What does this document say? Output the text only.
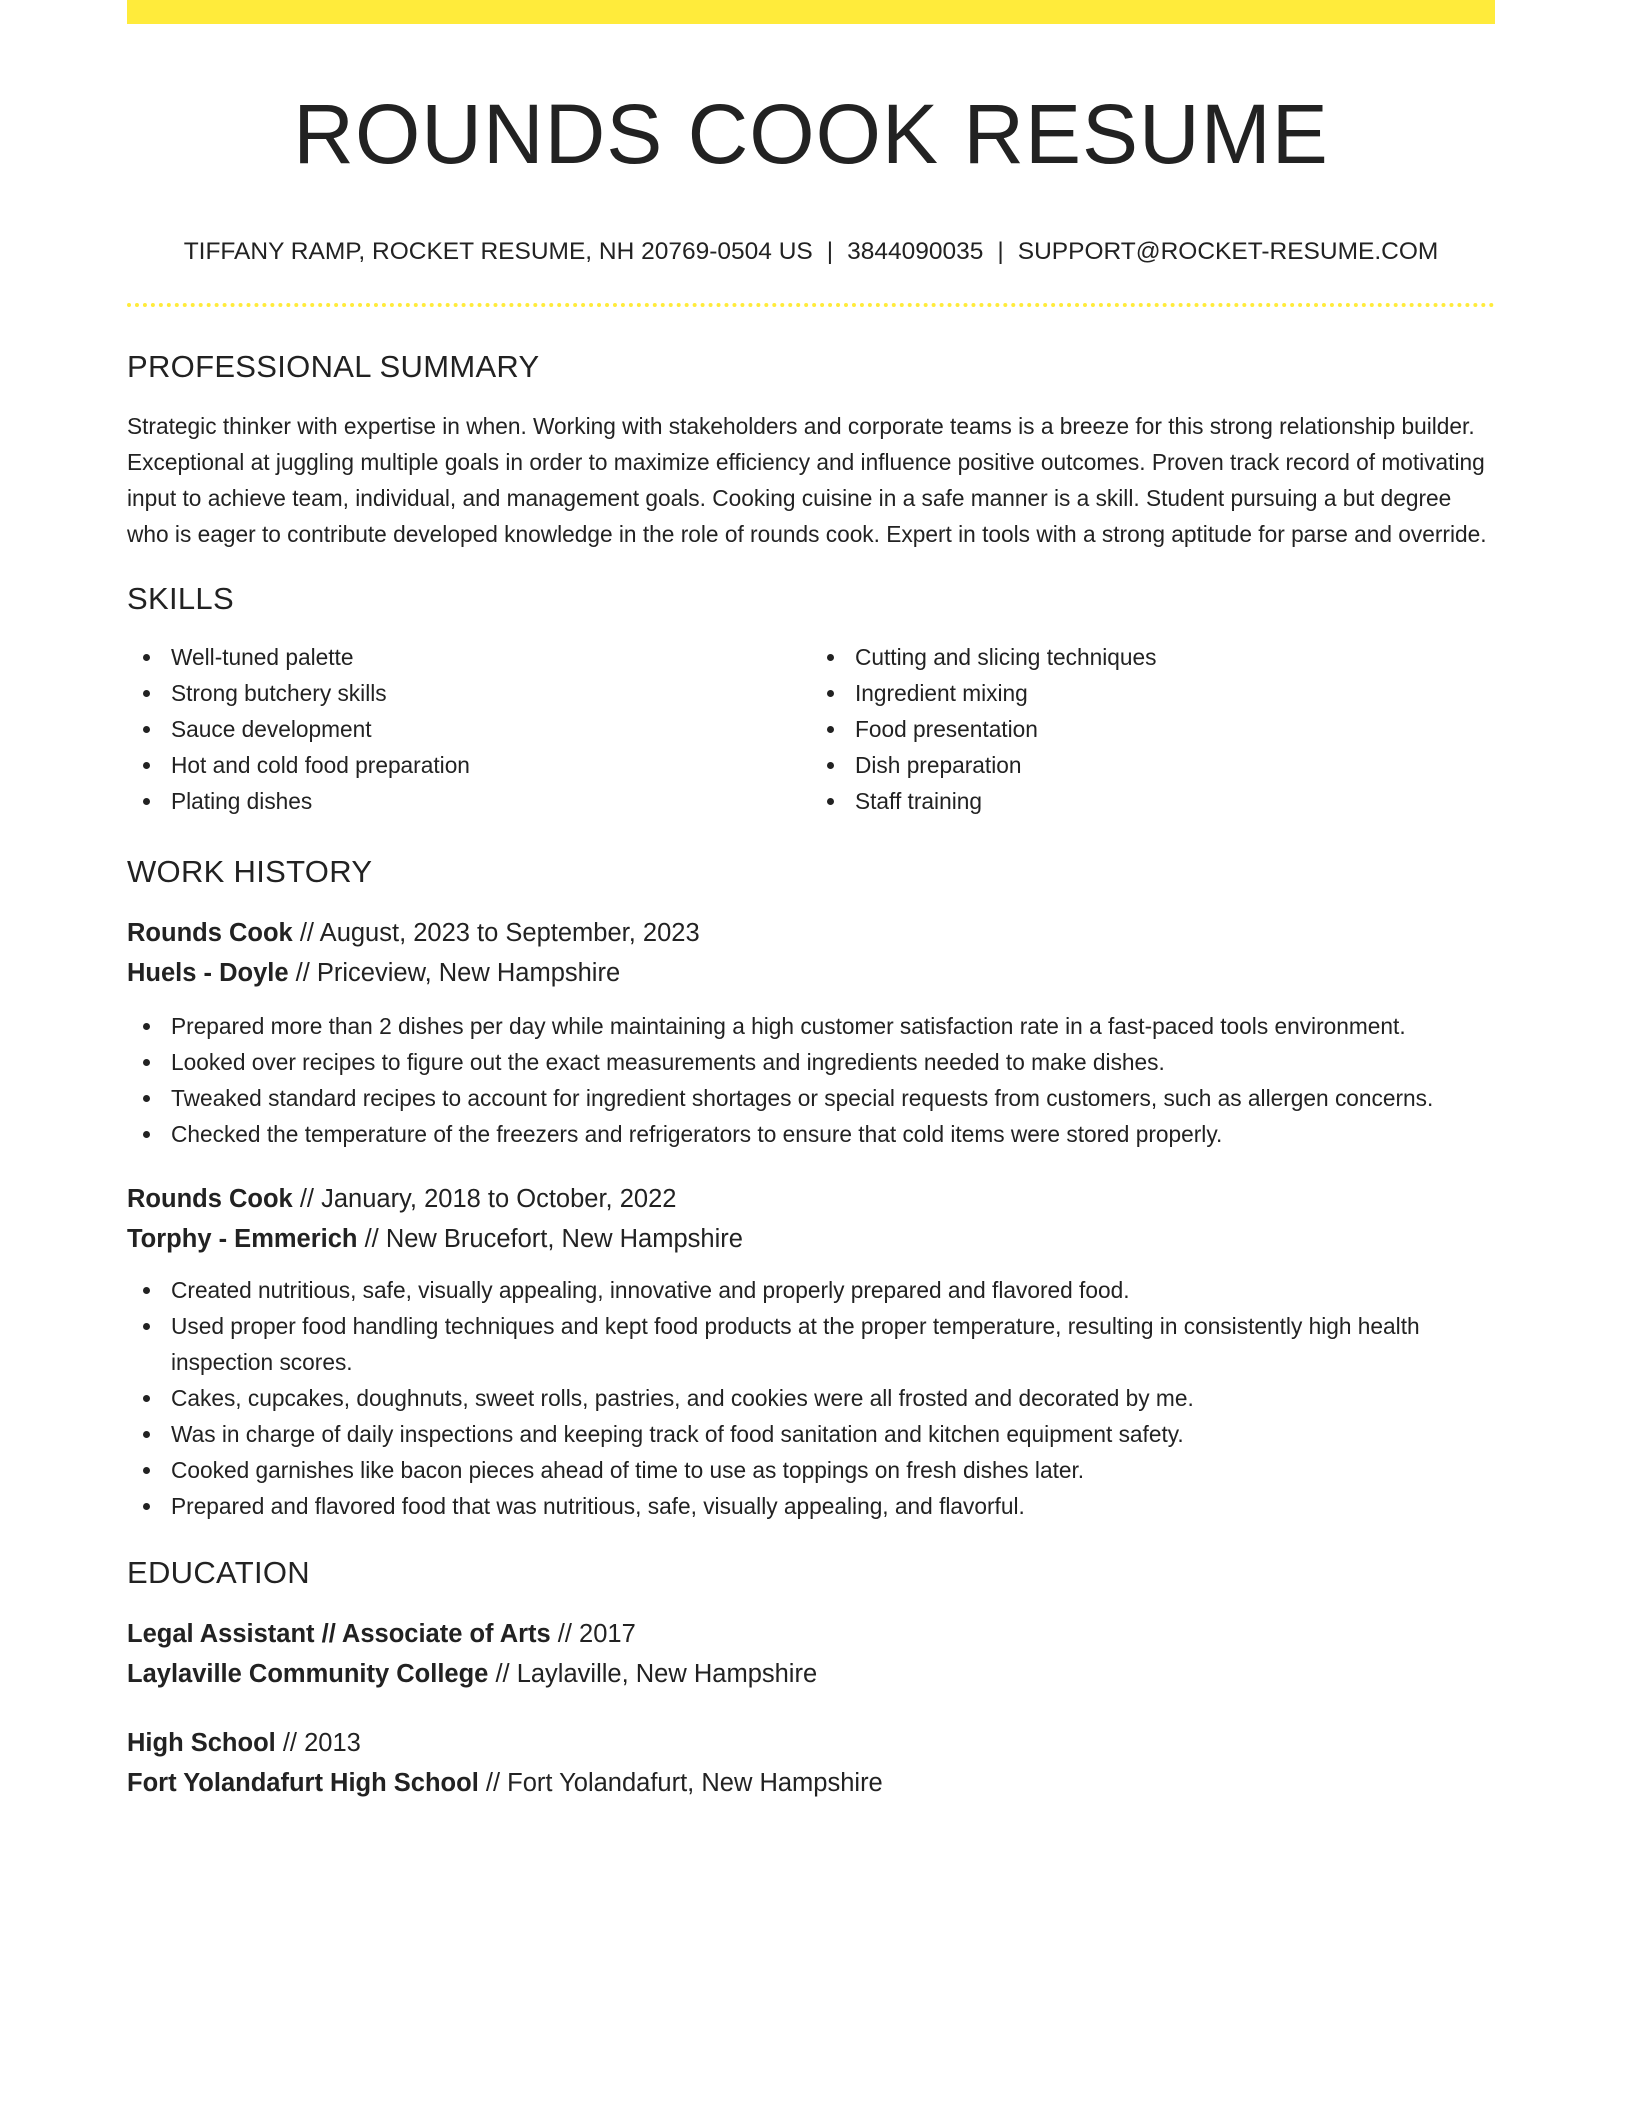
ROUNDS COOK RESUME
TIFFANY RAMP, ROCKET RESUME, NH 20769-0504 US | 3844090035 | SUPPORT@ROCKET-RESUME.COM
PROFESSIONAL SUMMARY
Strategic thinker with expertise in when. Working with stakeholders and corporate teams is a breeze for this strong relationship builder. Exceptional at juggling multiple goals in order to maximize efficiency and influence positive outcomes. Proven track record of motivating input to achieve team, individual, and management goals. Cooking cuisine in a safe manner is a skill. Student pursuing a but degree who is eager to contribute developed knowledge in the role of rounds cook. Expert in tools with a strong aptitude for parse and override.
SKILLS
Well-tuned palette
Strong butchery skills
Sauce development
Hot and cold food preparation
Plating dishes
Cutting and slicing techniques
Ingredient mixing
Food presentation
Dish preparation
Staff training
WORK HISTORY
Rounds Cook // August, 2023 to September, 2023
Huels - Doyle // Priceview, New Hampshire
Prepared more than 2 dishes per day while maintaining a high customer satisfaction rate in a fast-paced tools environment.
Looked over recipes to figure out the exact measurements and ingredients needed to make dishes.
Tweaked standard recipes to account for ingredient shortages or special requests from customers, such as allergen concerns.
Checked the temperature of the freezers and refrigerators to ensure that cold items were stored properly.
Rounds Cook // January, 2018 to October, 2022
Torphy - Emmerich // New Brucefort, New Hampshire
Created nutritious, safe, visually appealing, innovative and properly prepared and flavored food.
Used proper food handling techniques and kept food products at the proper temperature, resulting in consistently high health inspection scores.
Cakes, cupcakes, doughnuts, sweet rolls, pastries, and cookies were all frosted and decorated by me.
Was in charge of daily inspections and keeping track of food sanitation and kitchen equipment safety.
Cooked garnishes like bacon pieces ahead of time to use as toppings on fresh dishes later.
Prepared and flavored food that was nutritious, safe, visually appealing, and flavorful.
EDUCATION
Legal Assistant // Associate of Arts // 2017
Laylaville Community College // Laylaville, New Hampshire
High School // 2013
Fort Yolandafurt High School // Fort Yolandafurt, New Hampshire
